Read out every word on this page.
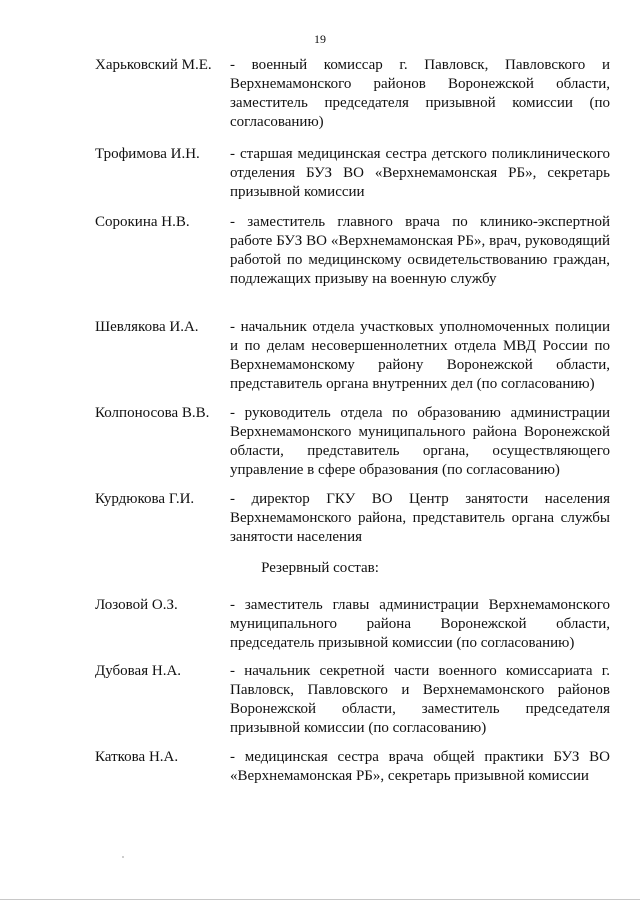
19
Харьковский М.Е. - военный комиссар г. Павловск, Павловского и Верхнемамонского районов Воронежской области, заместитель председателя призывной комиссии (по согласованию)
Трофимова И.Н. - старшая медицинская сестра детского поликлинического отделения БУЗ ВО «Верхнемамонская РБ», секретарь призывной комиссии
Сорокина Н.В.	- заместитель главного врача по клинико-экспертной работе БУЗ ВО «Верхнемамонская РБ», врач, руководящий работой по медицинскому освидетельствованию граждан, подлежащих призыву на военную службу
Шевлякова И.А. - начальник отдела участковых уполномоченных полиции и по делам несовершеннолетних отдела МВД России по Верхнемамонскому району Воронежской области, представитель органа внутренних дел (по согласованию)
Колпоносова В.В. - руководитель отдела по образованию администрации Верхнемамонского муниципального района Воронежской области, представитель органа, осуществляющего управление в сфере образования (по согласованию)
Курдюкова Г.И. - директор ГКУ ВО Центр занятости населения Верхнемамонского района, представитель органа службы занятости населения
Резервный состав:
Лозовой О.З.	- заместитель главы администрации Верхнемамонского муниципального района Воронежской области, председатель призывной комиссии (по согласованию)
Дубовая Н.А.	- начальник секретной части военного комиссариата г. Павловск, Павловского и Верхнемамонского районов Воронежской области, заместитель председателя призывной комиссии (по согласованию)
Каткова Н.А.	- медицинская сестра врача общей практики БУЗ ВО «Верхнемамонская РБ», секретарь призывной комиссии
